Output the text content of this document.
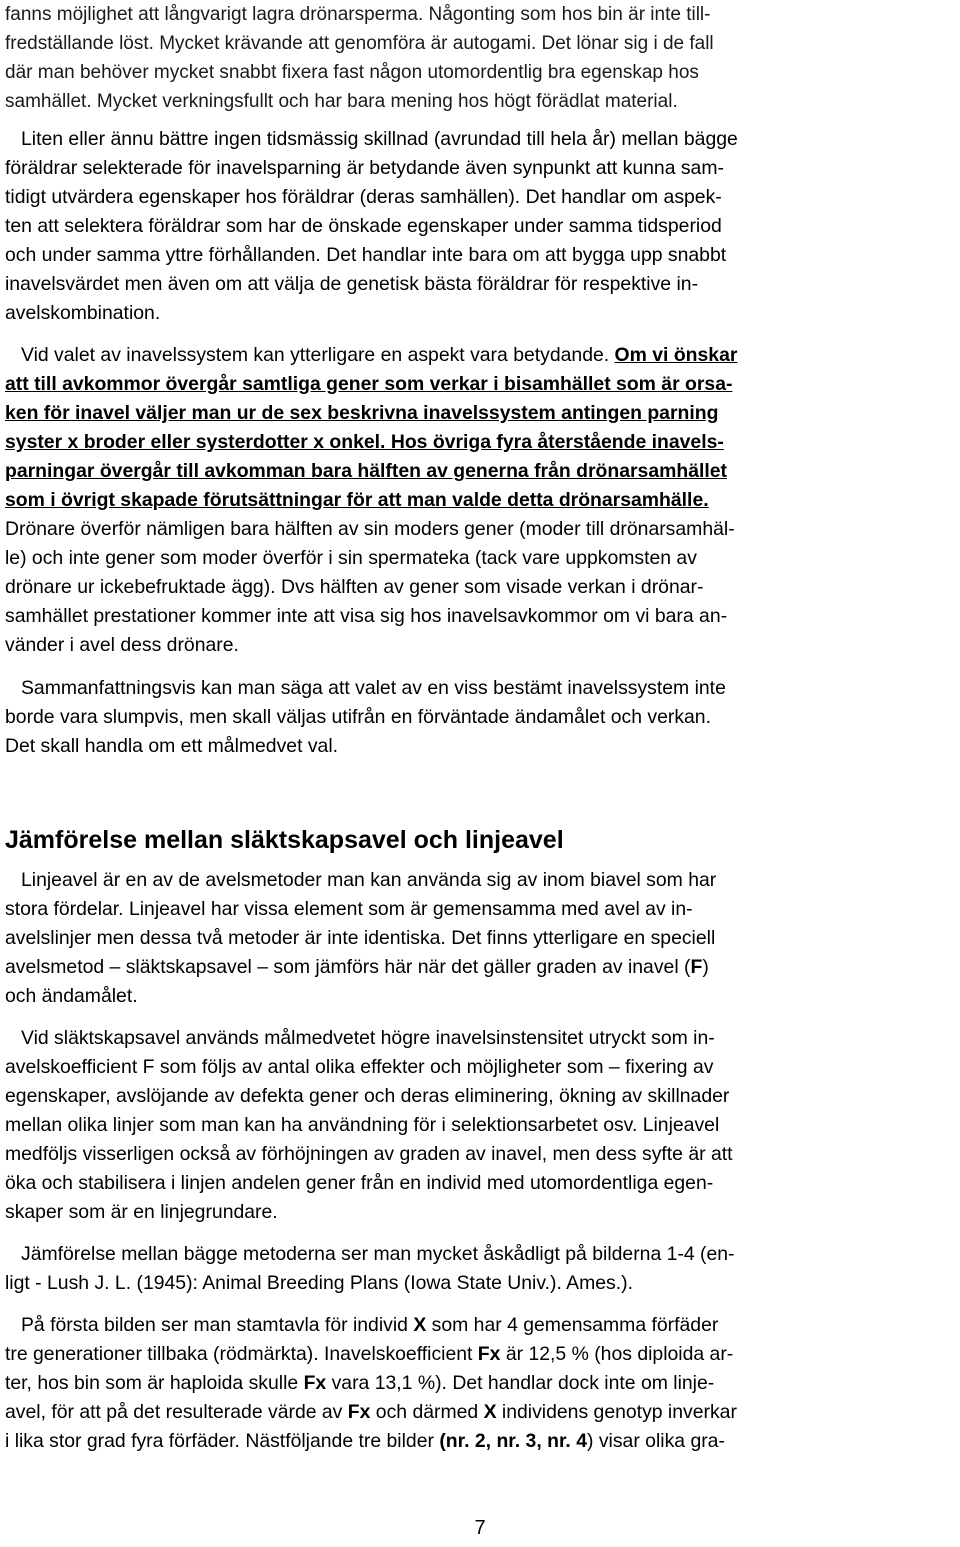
fanns möjlighet att långvarigt lagra drönarsperma. Någonting som hos bin är inte till-
fredställande löst. Mycket krävande att genomföra är autogami. Det lönar sig i de fall
där man behöver mycket snabbt fixera fast någon utomordentlig bra egenskap hos
samhället. Mycket verkningsfullt och har bara mening hos högt förädlat material.

Liten eller ännu bättre ingen tidsmässig skillnad (avrundad till hela år) mellan bägge
föräldrar selekterade för inavelsparning är betydande även synpunkt att kunna sam-
tidigt utvärdera egenskaper hos föräldrar (deras samhällen). Det handlar om aspek-
ten att selektera föräldrar som har de önskade egenskaper under samma tidsperiod
och under samma yttre förhållanden. Det handlar inte bara om att bygga upp snabbt
inavelsvärdet men även om att välja de genetisk bästa föräldrar för respektive in-
avelskombination.

Vid valet av inavelssystem kan ytterligare en aspekt vara betydande. Om vi önskar
att till avkommor övergår samtliga gener som verkar i bisamhället som är orsa-
ken för inavel väljer man ur de sex beskrivna inavelssystem antingen parning
syster x broder eller systerdotter x onkel. Hos övriga fyra återstående inavels-
parningar övergår till avkomman bara hälften av generna från drönarsamhället
som i övrigt skapade förutsättningar för att man valde detta drönarsamhälle.
Drönare överför nämligen bara hälften av sin moders gener (moder till drönarsamhäl-
le) och inte gener som moder överför i sin spermateka (tack vare uppkomsten av
drönare ur ickebefruktade ägg). Dvs hälften av gener som visade verkan i drönar-
samhället prestationer kommer inte att visa sig hos inavelsavkommor om vi bara an-
vänder i avel dess drönare.

Sammanfattningsvis kan man säga att valet av en viss bestämt inavelssystem inte
borde vara slumpvis, men skall väljas utifrån en förväntade ändamålet och verkan.
Det skall handla om ett målmedvet val.

Jämförelse mellan släktskapsavel och linjeavel

Linjeavel är en av de avelsmetoder man kan använda sig av inom biavel som har
stora fördelar. Linjeavel har vissa element som är gemensamma med avel av in-
avelslinjer men dessa två metoder är inte identiska. Det finns ytterligare en speciell
avelsmetod – släktskapsavel – som jämförs här när det gäller graden av inavel (F)
och ändamålet.

Vid släktskapsavel används målmedvetet högre inavelsinstensitet utryckt som in-
avelskoefficient F som följs av antal olika effekter och möjligheter som – fixering av
egenskaper, avslöjande av defekta gener och deras eliminering, ökning av skillnader
mellan olika linjer som man kan ha användning för i selektionsarbetet osv. Linjeavel
medföljs visserligen också av förhöjningen av graden av inavel, men dess syfte är att
öka och stabilisera i linjen andelen gener från en individ med utomordentliga egen-
skaper som är en linjegrundare.

Jämförelse mellan bägge metoderna ser man mycket åskådligt på bilderna 1-4 (en-
ligt - Lush J. L. (1945): Animal Breeding Plans (Iowa State Univ.). Ames.).

På första bilden ser man stamtavla för individ X som har 4 gemensamma förfäder
tre generationer tillbaka (rödmärkta). Inavelskoefficient Fx är 12,5 % (hos diploida ar-
ter, hos bin som är haploida skulle Fx vara 13,1 %). Det handlar dock inte om linje-
avel, för att på det resulterade värde av Fx och därmed X individens genotyp inverkar
i lika stor grad fyra förfäder. Nästföljande tre bilder (nr. 2, nr. 3, nr. 4) visar olika gra-

7
